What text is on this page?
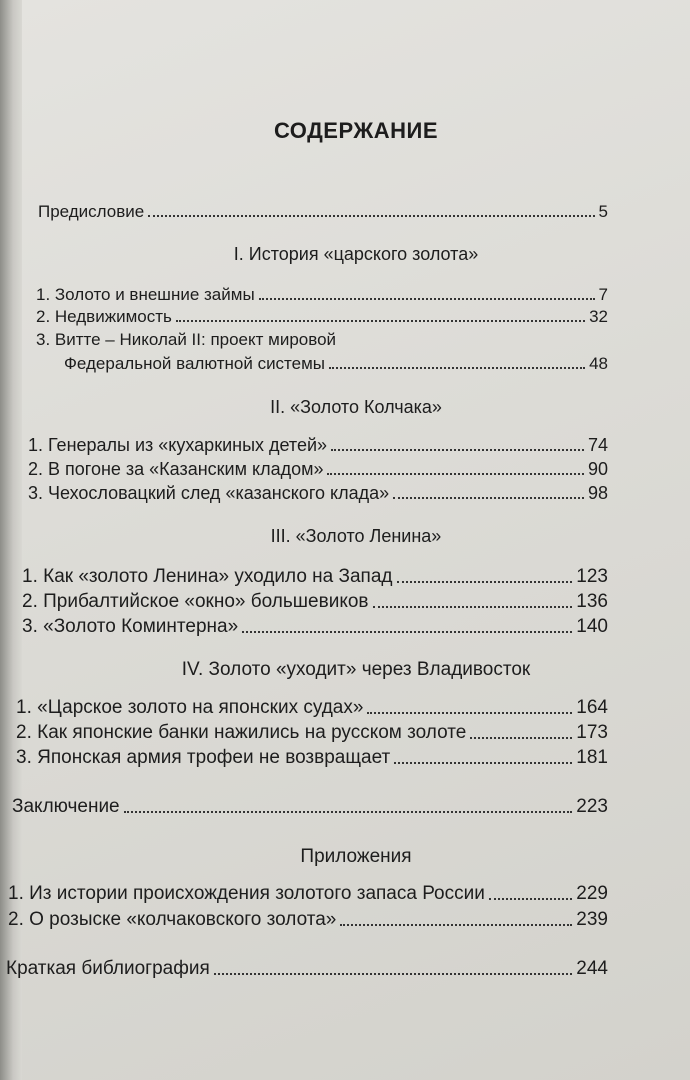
СОДЕРЖАНИЕ
Предисловие	5
I. История «царского золота»
1. Золото и внешние займы	7
2. Недвижимость	32
3. Витте – Николай II: проект мировой
Федеральной валютной системы	48
II. «Золото Колчака»
1. Генералы из «кухаркиных детей»	74
2. В погоне за «Казанским кладом»	90
3. Чехословацкий след «казанского клада»	98
III. «Золото Ленина»
1. Как «золото Ленина» уходило на Запад	123
2. Прибалтийское «окно» большевиков	136
3. «Золото Коминтерна»	140
IV. Золото «уходит» через Владивосток
1. «Царское золото на японских судах»	164
2. Как японские банки нажились на русском золоте	173
3. Японская армия трофеи не возвращает	181
Заключение	223
Приложения
1. Из истории происхождения золотого запаса России	229
2. О розыске «колчаковского золота»	239
Краткая библиография	244
